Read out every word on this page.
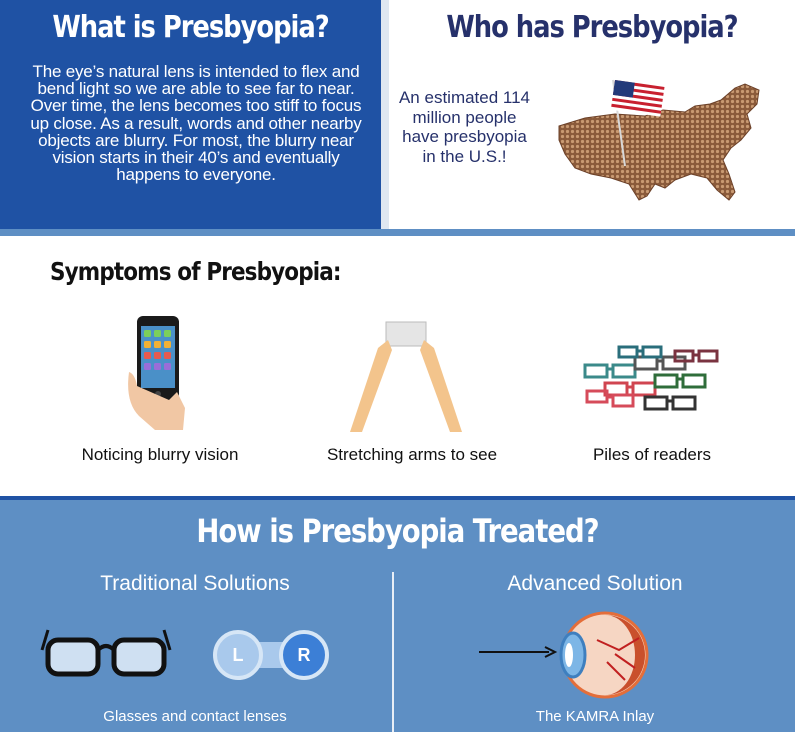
What is Presbyopia?
The eye’s natural lens is intended to flex and bend light so we are able to see far to near. Over time, the lens becomes too stiff to focus up close. As a result, words and other nearby objects are blurry. For most, the blurry near vision starts in their 40’s and eventually happens to everyone.
Who has Presbyopia?
An estimated 114 million people have presbyopia in the U.S.!
Symptoms of Presbyopia:
Noticing blurry vision	Stretching arms to see	Piles of readers
How is Presbyopia Treated?
Traditional Solutions	Advanced Solution
L	R
Glasses and contact lenses	The KAMRA Inlay
